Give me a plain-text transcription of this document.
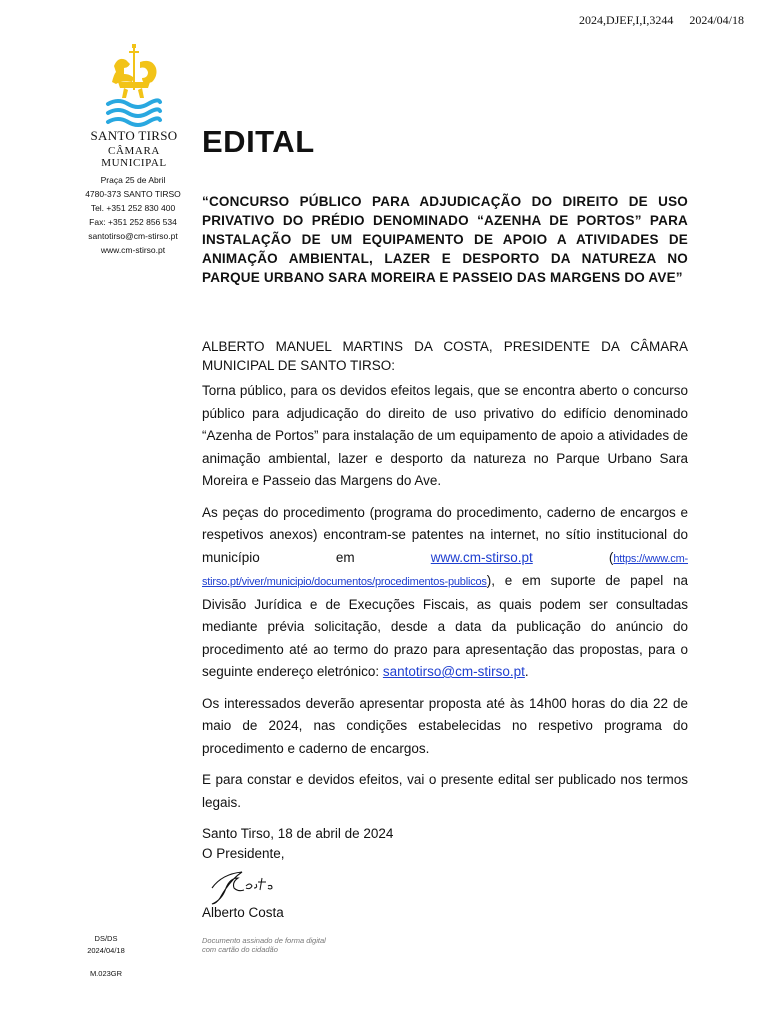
2024,DJEF,I,I,3244 2024/04/18
SANTO TIRSO
CÂMARA MUNICIPAL
Praça 25 de Abril
4780-373 SANTO TIRSO
Tel. +351 252 830 400
Fax: +351 252 856 534
santotirso@cm-stirso.pt
www.cm-stirso.pt
EDITAL
“CONCURSO PÚBLICO PARA ADJUDICAÇÃO DO DIREITO DE USO PRIVATIVO DO PRÉDIO DENOMINADO “AZENHA DE PORTOS” PARA INSTALAÇÃO DE UM EQUIPAMENTO DE APOIO A ATIVIDADES DE ANIMAÇÃO AMBIENTAL, LAZER E DESPORTO DA NATUREZA NO PARQUE URBANO SARA MOREIRA E PASSEIO DAS MARGENS DO AVE”
ALBERTO MANUEL MARTINS DA COSTA, PRESIDENTE DA CÂMARA MUNICIPAL DE SANTO TIRSO:

Torna público, para os devidos efeitos legais, que se encontra aberto o concurso público para adjudicação do direito de uso privativo do edifício denominado “Azenha de Portos” para instalação de um equipamento de apoio a atividades de animação ambiental, lazer e desporto da natureza no Parque Urbano Sara Moreira e Passeio das Margens do Ave.

As peças do procedimento (programa do procedimento, caderno de encargos e respetivos anexos) encontram-se patentes na internet, no sítio institucional do município em	www.cm-stirso.pt	(https://www.cm-stirso.pt/viver/municipio/documentos/procedimentos-publicos), e em suporte de papel na Divisão Jurídica e de Execuções Fiscais, as quais podem ser consultadas mediante prévia solicitação, desde a data da publicação do anúncio do procedimento até ao termo do prazo para apresentação das propostas, para o seguinte endereço eletrónico: santotirso@cm-stirso.pt.

Os interessados deverão apresentar proposta até às 14h00 horas do dia 22 de maio de 2024, nas condições estabelecidas no respetivo programa do procedimento e caderno de encargos.

E para constar e devidos efeitos, vai o presente edital ser publicado nos termos legais.

Santo Tirso, 18 de abril de 2024

O Presidente,
Alberto Costa
Documento assinado de forma digital
com cartão do cidadão
DS/DS
2024/04/18
M.023GR
